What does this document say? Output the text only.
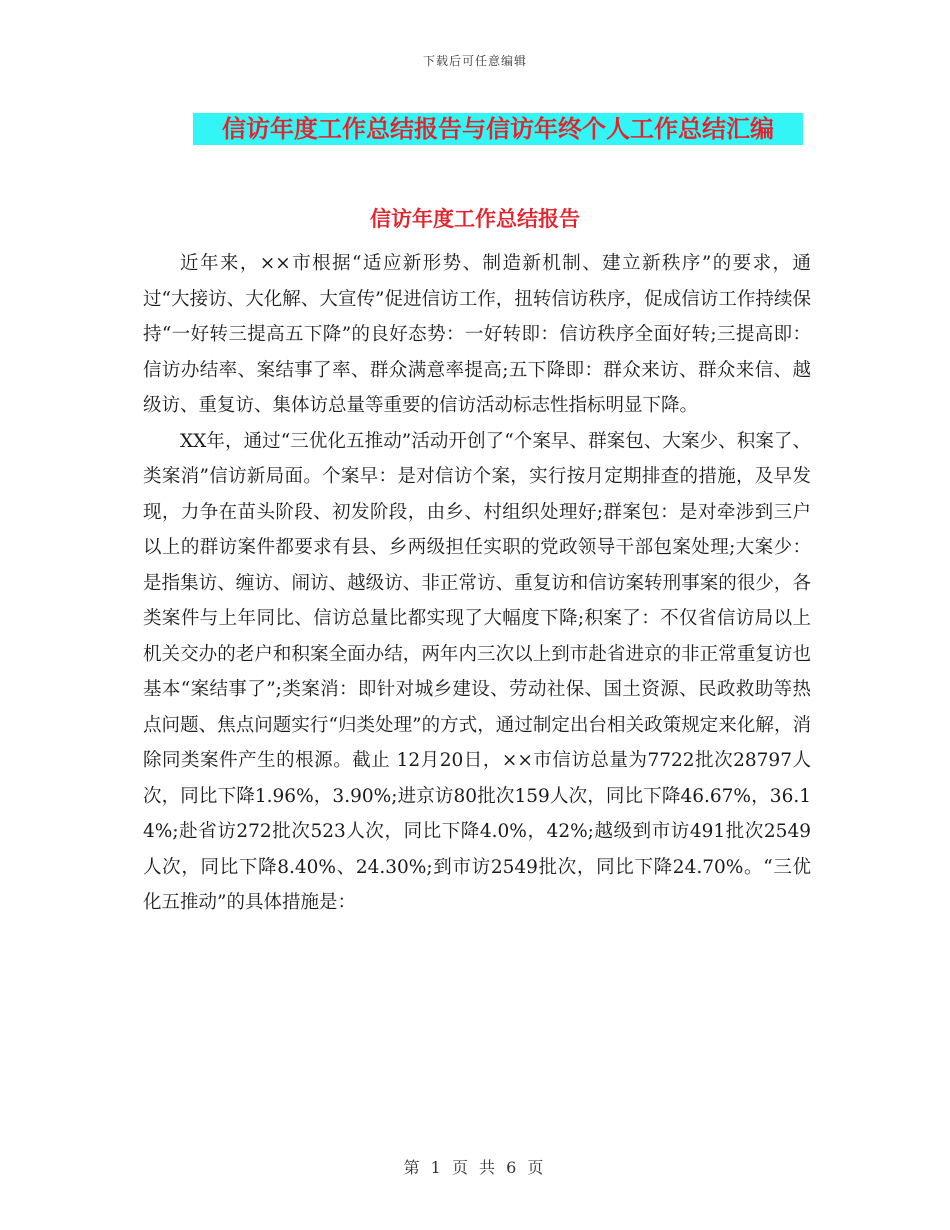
下载后可任意编辑
信访年度工作总结报告与信访年终个人工作总结汇编
信访年度工作总结报告

近年来，××市根据“适应新形势、制造新机制、建立新秩序”的要求，通过“大接访、大化解、大宣传”促进信访工作，扭转信访秩序，促成信访工作持续保持“一好转三提高五下降”的良好态势：一好转即：信访秩序全面好转;三提高即：信访办结率、案结事了率、群众满意率提高;五下降即：群众来访、群众来信、越级访、重复访、集体访总量等重要的信访活动标志性指标明显下降。

XX年，通过“三优化五推动”活动开创了“个案早、群案包、大案少、积案了、类案消”信访新局面。个案早：是对信访个案，实行按月定期排查的措施，及早发现，力争在苗头阶段、初发阶段，由乡、村组织处理好;群案包：是对牵涉到三户以上的群访案件都要求有县、乡两级担任实职的党政领导干部包案处理;大案少：是指集访、缠访、闹访、越级访、非正常访、重复访和信访案转刑事案的很少，各类案件与上年同比、信访总量比都实现了大幅度下降;积案了：不仅省信访局以上机关交办的老户和积案全面办结，两年内三次以上到市赴省进京的非正常重复访也基本“案结事了”;类案消：即针对城乡建设、劳动社保、国土资源、民政救助等热点问题、焦点问题实行“归类处理”的方式，通过制定出台相关政策规定来化解，消除同类案件产生的根源。截止 12月20日，××市信访总量为7722批次28797人次，同比下降1.96%，3.90%;进京访80批次159人次，同比下降46.67%，36.14%;赴省访272批次523人次，同比下降4.0%，42%;越级到市访491批次2549人次，同比下降8.40%、24.30%;到市访2549批次，同比下降24.70%。“三优化五推动”的具体措施是：

第 1 页 共 6 页
